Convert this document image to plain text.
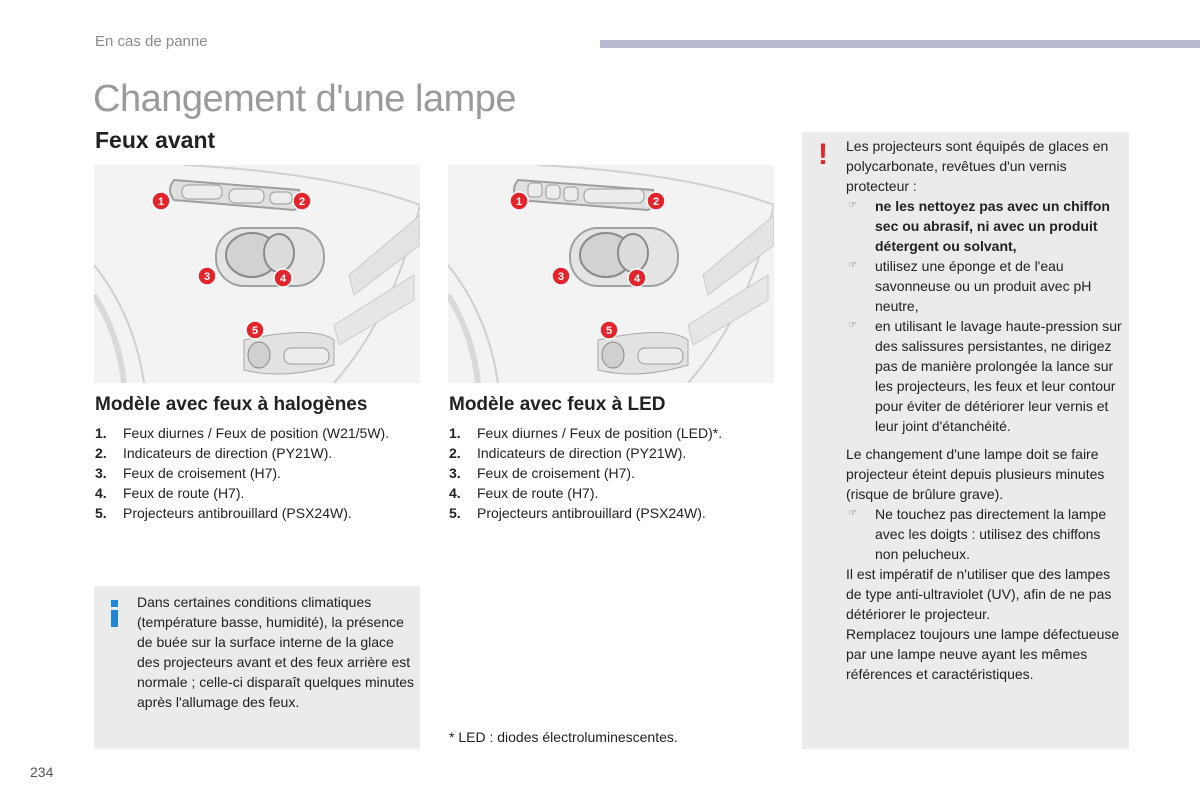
En cas de panne
Changement d'une lampe
Feux avant
1	2
3	4
5
1	2
3	4
5
Modèle avec feux à halogènes	Modèle avec feux à LED
1. Feux diurnes / Feux de position (W21/5W).
2. Indicateurs de direction (PY21W).
3. Feux de croisement (H7).
4. Feux de route (H7).
5. Projecteurs antibrouillard (PSX24W).
1. Feux diurnes / Feux de position (LED)*.
2. Indicateurs de direction (PY21W).
3. Feux de croisement (H7).
4. Feux de route (H7).
5. Projecteurs antibrouillard (PSX24W).
Dans certaines conditions climatiques (température basse, humidité), la présence de buée sur la surface interne de la glace des projecteurs avant et des feux arrière est normale ; celle-ci disparaît quelques minutes après l'allumage des feux.
* LED : diodes électroluminescentes.
! Les projecteurs sont équipés de glaces en polycarbonate, revêtues d'un vernis protecteur :

☞ ne les nettoyez pas avec un chiffon sec ou abrasif, ni avec un produit détergent ou solvant,
☞ utilisez une éponge et de l'eau savonneuse ou un produit avec pH neutre,
☞ en utilisant le lavage haute-pression sur des salissures persistantes, ne dirigez pas de manière prolongée la lance sur les projecteurs, les feux et leur contour pour éviter de détériorer leur vernis et leur joint d'étanchéité.

Le changement d'une lampe doit se faire projecteur éteint depuis plusieurs minutes (risque de brûlure grave).

☞ Ne touchez pas directement la lampe avec les doigts : utilisez des chiffons non pelucheux.

Il est impératif de n'utiliser que des lampes de type anti-ultraviolet (UV), afin de ne pas détériorer le projecteur.

Remplacez toujours une lampe défectueuse par une lampe neuve ayant les mêmes références et caractéristiques.

234
